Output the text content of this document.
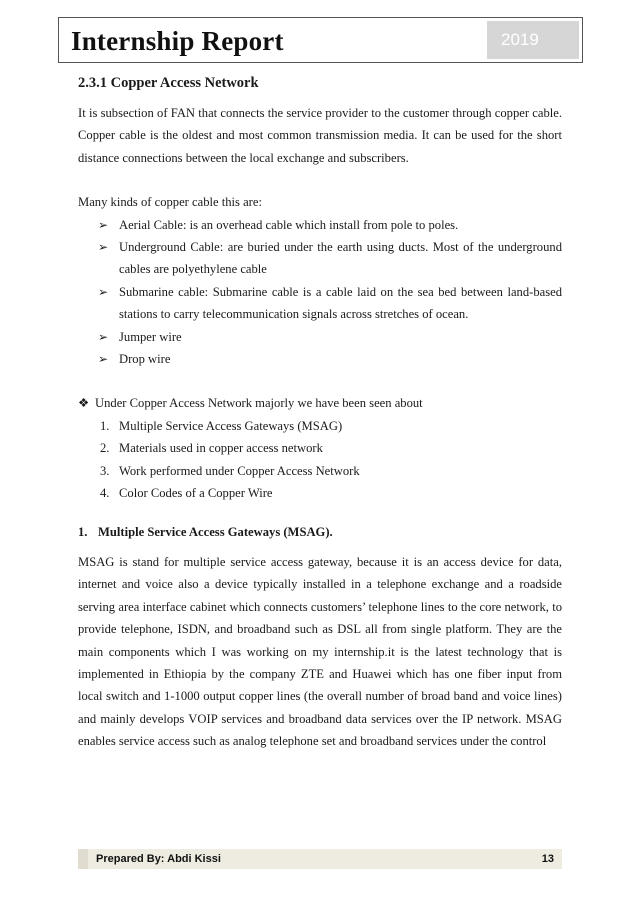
Internship Report	2019
2.3.1 Copper Access Network

It is subsection of FAN that connects the service provider to the customer through copper cable. Copper cable is the oldest and most common transmission media. It can be used for the short distance connections between the local exchange and subscribers.

Many kinds of copper cable this are:

➢ Aerial Cable: is an overhead cable which install from pole to poles.
➢ Underground Cable: are buried under the earth using ducts. Most of the underground cables are polyethylene cable
➢ Submarine cable: Submarine cable is a cable laid on the sea bed between land-based stations to carry telecommunication signals across stretches of ocean.
➢ Jumper wire
➢ Drop wire
❖ Under Copper Access Network majorly we have been seen about
1. Multiple Service Access Gateways (MSAG)
2. Materials used in copper access network
3. Work performed under Copper Access Network
4. Color Codes of a Copper Wire
1. Multiple Service Access Gateways (MSAG).

MSAG is stand for multiple service access gateway, because it is an access device for data, internet and voice also a device typically installed in a telephone exchange and a roadside serving area interface cabinet which connects customers’ telephone lines to the core network, to provide telephone, ISDN, and broadband such as DSL all from single platform. They are the main components which I was working on my internship.it is the latest technology that is implemented in Ethiopia by the company ZTE and Huawei which has one fiber input from local switch and 1-1000 output copper lines (the overall number of broad band and voice lines) and mainly develops VOIP services and broadband data services over the IP network. MSAG enables service access such as analog telephone set and broadband services under the control

Prepared By: Abdi Kissi	13
